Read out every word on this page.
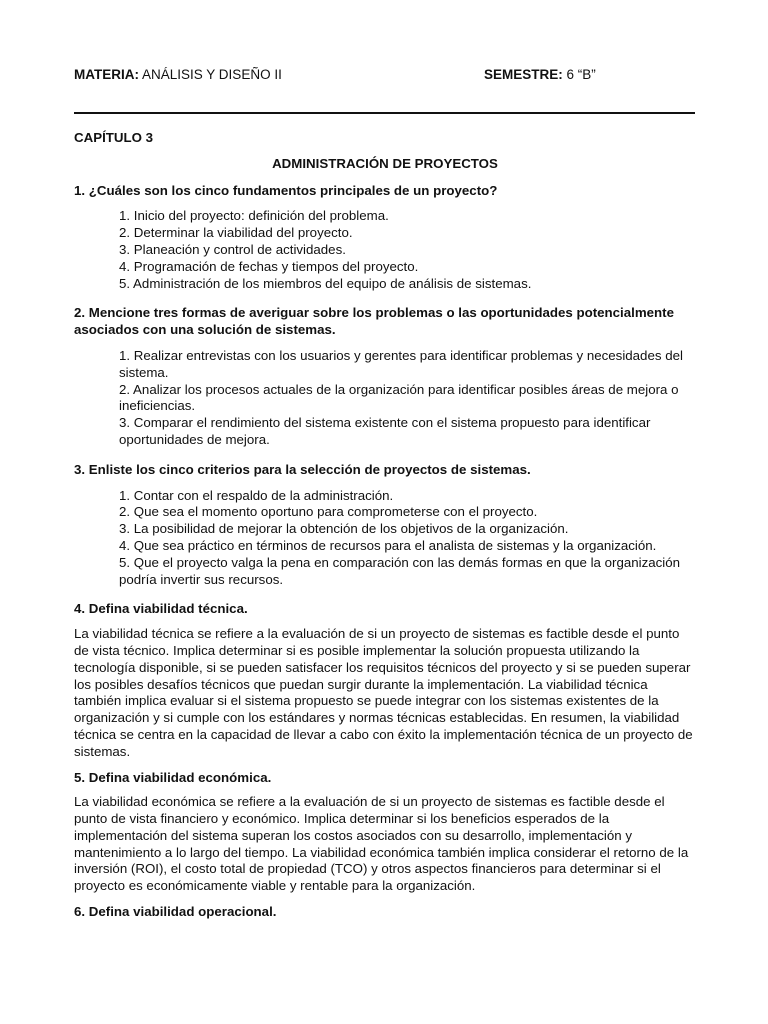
MATERIA: ANÁLISIS Y DISEÑO II	SEMESTRE: 6 “B”

CAPÍTULO 3

ADMINISTRACIÓN DE PROYECTOS

1. ¿Cuáles son los cinco fundamentos principales de un proyecto?

1. Inicio del proyecto: definición del problema.
2. Determinar la viabilidad del proyecto.
3. Planeación y control de actividades.
4. Programación de fechas y tiempos del proyecto.
5. Administración de los miembros del equipo de análisis de sistemas.

2. Mencione tres formas de averiguar sobre los problemas o las oportunidades potencialmente asociados con una solución de sistemas.

1. Realizar entrevistas con los usuarios y gerentes para identificar problemas y necesidades del sistema.
2. Analizar los procesos actuales de la organización para identificar posibles áreas de mejora o ineficiencias.
3. Comparar el rendimiento del sistema existente con el sistema propuesto para identificar oportunidades de mejora.

3. Enliste los cinco criterios para la selección de proyectos de sistemas.

1. Contar con el respaldo de la administración.
2. Que sea el momento oportuno para comprometerse con el proyecto.
3. La posibilidad de mejorar la obtención de los objetivos de la organización.
4. Que sea práctico en términos de recursos para el analista de sistemas y la organización.
5. Que el proyecto valga la pena en comparación con las demás formas en que la organización podría invertir sus recursos.

4. Defina viabilidad técnica.

La viabilidad técnica se refiere a la evaluación de si un proyecto de sistemas es factible desde el punto de vista técnico. Implica determinar si es posible implementar la solución propuesta utilizando la tecnología disponible, si se pueden satisfacer los requisitos técnicos del proyecto y si se pueden superar los posibles desafíos técnicos que puedan surgir durante la implementación. La viabilidad técnica también implica evaluar si el sistema propuesto se puede integrar con los sistemas existentes de la organización y si cumple con los estándares y normas técnicas establecidas. En resumen, la viabilidad técnica se centra en la capacidad de llevar a cabo con éxito la implementación técnica de un proyecto de sistemas.

5. Defina viabilidad económica.

La viabilidad económica se refiere a la evaluación de si un proyecto de sistemas es factible desde el punto de vista financiero y económico. Implica determinar si los beneficios esperados de la implementación del sistema superan los costos asociados con su desarrollo, implementación y mantenimiento a lo largo del tiempo. La viabilidad económica también implica considerar el retorno de la inversión (ROI), el costo total de propiedad (TCO) y otros aspectos financieros para determinar si el proyecto es económicamente viable y rentable para la organización.

6. Defina viabilidad operacional.
